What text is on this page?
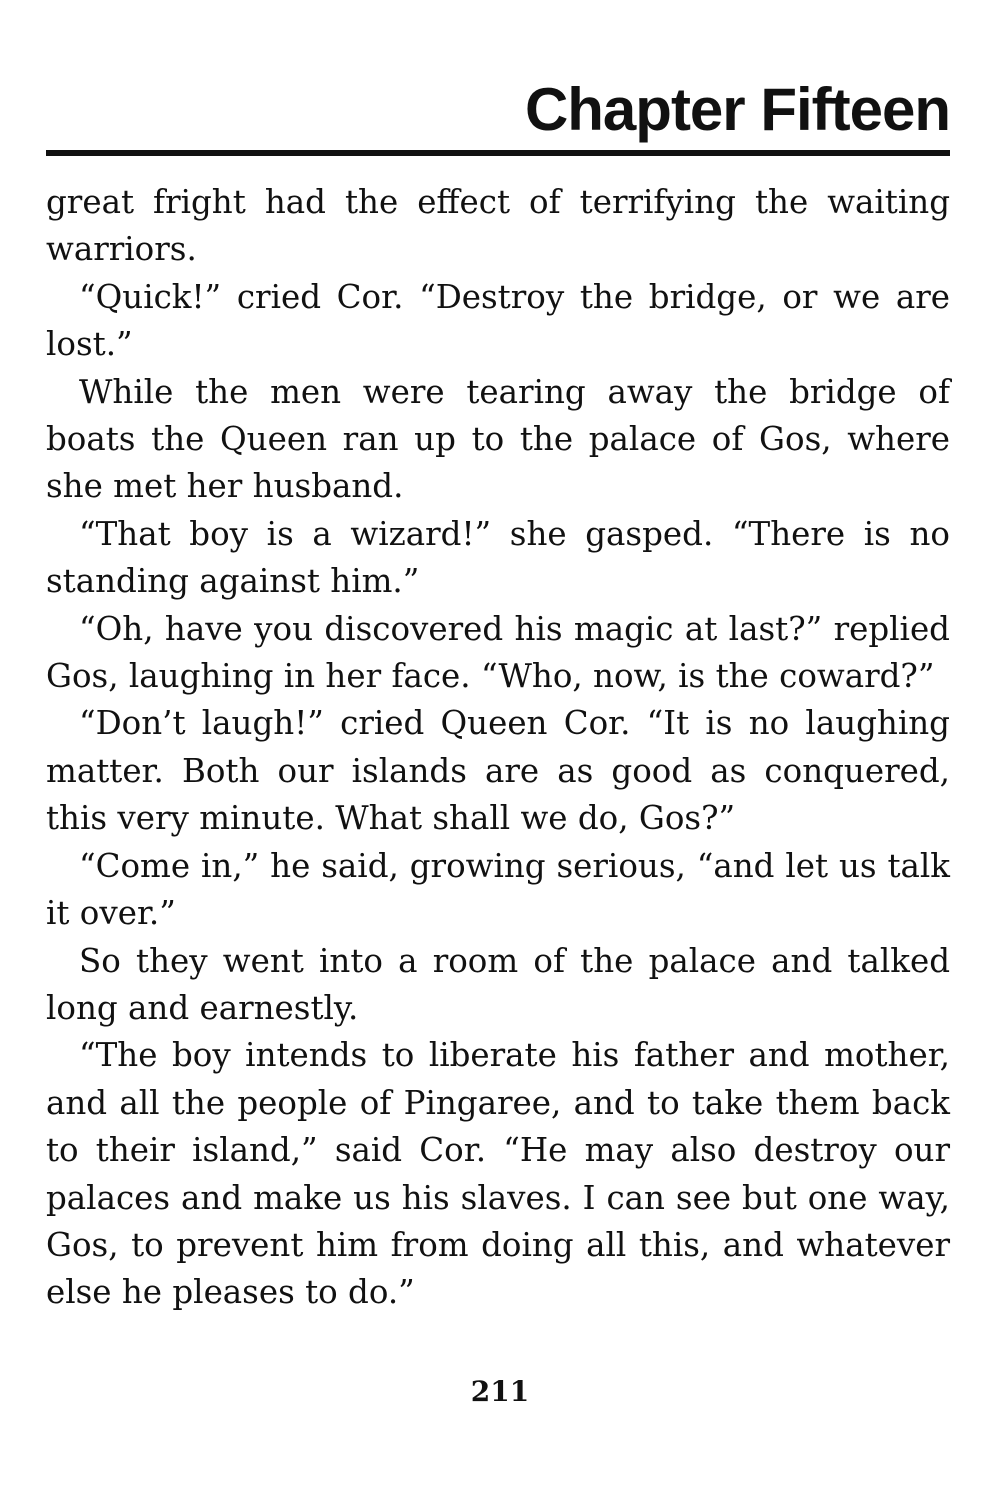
Chapter Fifteen

great fright had the effect of terrifying the waiting warriors.

“Quick!” cried Cor. “Destroy the bridge, or we are lost.”

While the men were tearing away the bridge of boats the Queen ran up to the palace of Gos, where she met her husband.

“That boy is a wizard!” she gasped. “There is no standing against him.”

“Oh, have you discovered his magic at last?” replied Gos, laughing in her face. “Who, now, is the coward?”

“Don’t laugh!” cried Queen Cor. “It is no laughing matter. Both our islands are as good as conquered, this very minute. What shall we do, Gos?”

“Come in,” he said, growing serious, “and let us talk it over.”

So they went into a room of the palace and talked long and earnestly.

“The boy intends to liberate his father and mother, and all the people of Pingaree, and to take them back to their island,” said Cor. “He may also destroy our palaces and make us his slaves. I can see but one way, Gos, to prevent him from doing all this, and whatever else he pleases to do.”

211
